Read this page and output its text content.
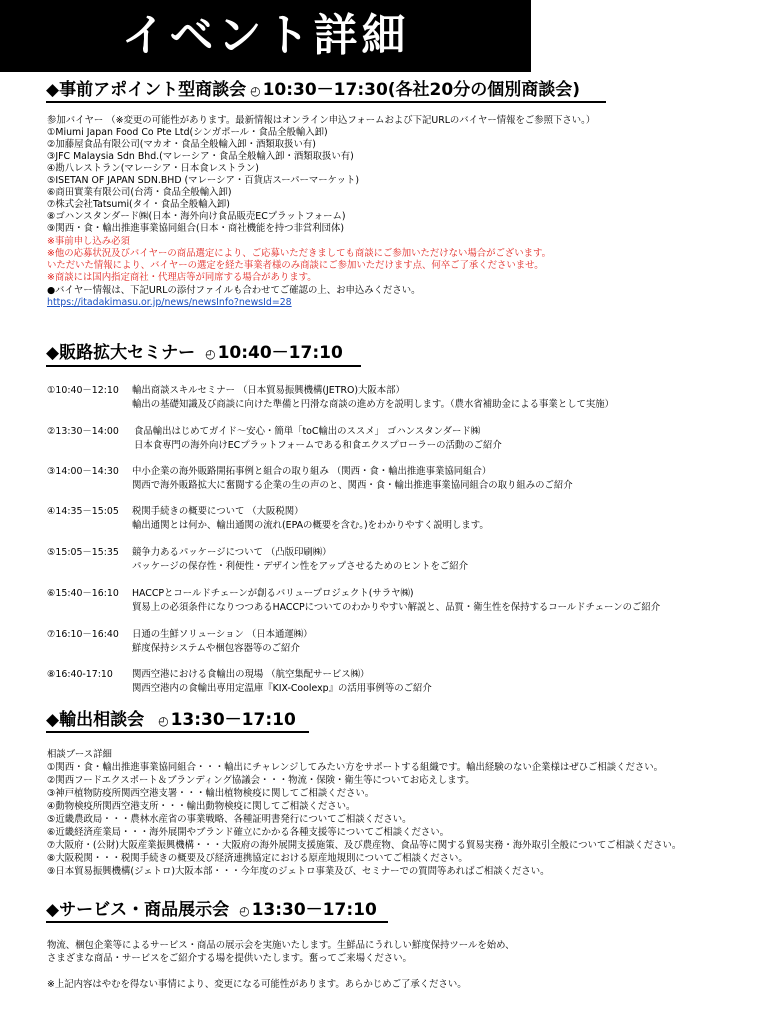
イベント詳細
◆事前アポイント型商談会 ◴ 10:30－17:30(各社20分の個別商談会)
参加バイヤー （※変更の可能性があります。最新情報はオンライン申込フォームおよび下記URLのバイヤー情報をご参照下さい。）
①Miumi Japan Food Co Pte Ltd(シンガポール・食品全般輸入卸)
②加藤屋食品有限公司(マカオ・食品全般輸入卸・酒類取扱い有)
③JFC Malaysia Sdn Bhd.(マレーシア・食品全般輸入卸・酒類取扱い有)
④勘八レストラン(マレーシア・日本食レストラン)
⑤ISETAN OF JAPAN SDN.BHD (マレーシア・百貨店スーパーマーケット)
⑥商田實業有限公司(台湾・食品全般輸入卸)
⑦株式会社Tatsumi(タイ・食品全般輸入卸)
⑧ゴハンスタンダード㈱(日本・海外向け食品販売ECプラットフォーム)
⑨関西・食・輸出推進事業協同組合(日本・商社機能を持つ非営利団体)
※事前申し込み必須
※他の応募状況及びバイヤーの商品選定により、ご応募いただきましても商談にご参加いただけない場合がございます。
いただいた情報により、バイヤーの選定を経た事業者様のみ商談にご参加いただけます点、何卒ご了承くださいませ。
※商談には国内指定商社・代理店等が同席する場合があります。
●バイヤー情報は、下記URLの添付ファイルも合わせてご確認の上、お申込みください。
https://itadakimasu.or.jp/news/newsInfo?newsId=28
◆販路拡大セミナー ◴ 10:40－17:10
①10:40－12:10 輸出商談スキルセミナー （日本貿易振興機構(JETRO)大阪本部）
輸出の基礎知識及び商談に向けた準備と円滑な商談の進め方を説明します。（農水省補助金による事業として実施）
②13:30－14:00 食品輸出はじめてガイド～安心・簡単「toC輸出のススメ」 ゴハンスタンダード㈱
日本食専門の海外向けECプラットフォームである和食エクスプローラーの活動のご紹介
③14:00－14:30 中小企業の海外販路開拓事例と組合の取り組み （関西・食・輸出推進事業協同組合）
関西で海外販路拡大に奮闘する企業の生の声のと、関西・食・輸出推進事業協同組合の取り組みのご紹介
④14:35－15:05 税関手続きの概要について （大阪税関）
輸出通関とは何か、輸出通関の流れ(EPAの概要を含む。)をわかりやすく説明します。
⑤15:05－15:35 競争力あるパッケージについて （凸版印刷㈱）
パッケージの保存性・利便性・デザイン性をアップさせるためのヒントをご紹介
⑥15:40－16:10 HACCPとコールドチェーンが創るバリュープロジェクト(サラヤ㈱)
貿易上の必須条件になりつつあるHACCPについてのわかりやすい解説と、品質・衛生性を保持するコールドチェーンのご紹介
⑦16:10－16:40 日通の生鮮ソリューション （日本通運㈱）
鮮度保持システムや梱包容器等のご紹介
⑧16:40-17:10 関西空港における食輸出の現場 （航空集配サービス㈱）
関西空港内の食輸出専用定温庫『KIX-Coolexp』の活用事例等のご紹介
◆輸出相談会 ◴ 13:30－17:10
相談ブース詳細
①関西・食・輸出推進事業協同組合・・・輸出にチャレンジしてみたい方をサポートする組織です。輸出経験のない企業様はぜひご相談ください。
②関西フードエクスポート＆ブランディング協議会・・・物流・保険・衛生等についてお応えします。
③神戸植物防疫所関西空港支署・・・輸出植物検疫に関してご相談ください。
④動物検疫所関西空港支所・・・輸出動物検疫に関してご相談ください。
⑤近畿農政局・・・農林水産省の事業戦略、各種証明書発行についてご相談ください。
⑥近畿経済産業局・・・海外展開やブランド確立にかかる各種支援等についてご相談ください。
⑦大阪府・(公財)大阪産業振興機構・・・大阪府の海外展開支援施策、及び農産物、食品等に関する貿易実務・海外取引全般についてご相談ください。
⑧大阪税関・・・税関手続きの概要及び経済連携協定における原産地規則についてご相談ください。
⑨日本貿易振興機構(ジェトロ)大阪本部・・・今年度のジェトロ事業及び、セミナーでの質問等あればご相談ください。
◆サービス・商品展示会 ◴ 13:30－17:10
物流、梱包企業等によるサービス・商品の展示会を実施いたします。生鮮品にうれしい鮮度保持ツールを始め、
さまざまな商品・サービスをご紹介する場を提供いたします。奮ってご来場ください。
※上記内容はやむを得ない事情により、変更になる可能性があります。あらかじめご了承ください。
